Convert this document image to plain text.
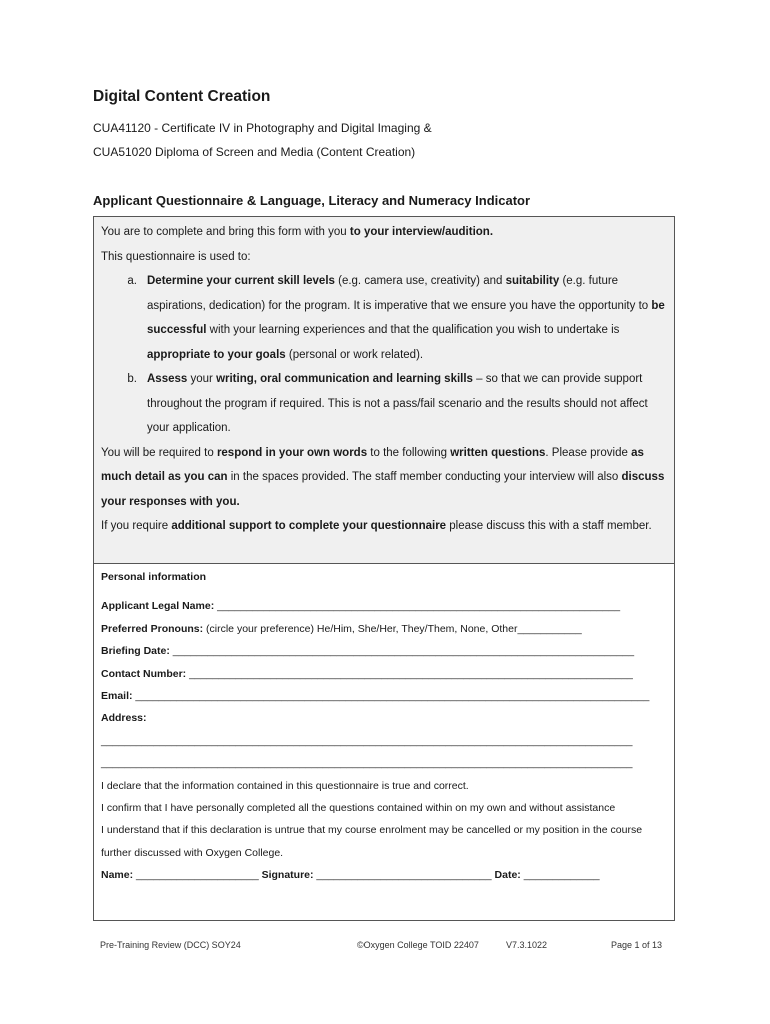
Digital Content Creation
CUA41120 - Certificate IV in Photography and Digital Imaging &
CUA51020 Diploma of Screen and Media (Content Creation)
Applicant Questionnaire & Language, Literacy and Numeracy Indicator

You are to complete and bring this form with you to your interview/audition.

This questionnaire is used to:

a. Determine your current skill levels (e.g. camera use, creativity) and suitability (e.g. future aspirations, dedication) for the program. It is imperative that we ensure you have the opportunity to be successful with your learning experiences and that the qualification you wish to undertake is appropriate to your goals (personal or work related).
b. Assess your writing, oral communication and learning skills – so that we can provide support throughout the program if required. This is not a pass/fail scenario and the results should not affect your application.

You will be required to respond in your own words to the following written questions. Please provide as much detail as you can in the spaces provided. The staff member conducting your interview will also discuss your responses with you.

If you require additional support to complete your questionnaire please discuss this with a staff member.

Personal information

Applicant Legal Name: _____________________________________________________________________

Preferred Pronouns: (circle your preference) He/Him, She/Her, They/Them, None, Other___________

Briefing Date: _______________________________________________________________________________

Contact Number: ____________________________________________________________________________

Email: ________________________________________________________________________________________

Address:

___________________________________________________________________________________________

___________________________________________________________________________________________

I declare that the information contained in this questionnaire is true and correct.

I confirm that I have personally completed all the questions contained within on my own and without assistance

I understand that if this declaration is untrue that my course enrolment may be cancelled or my position in the course further discussed with Oxygen College.

Name: _____________________ Signature: ______________________________ Date: _____________

Pre-Training Review (DCC) SOY24	©Oxygen College TOID 22407	V7.3.1022	Page 1 of 13
